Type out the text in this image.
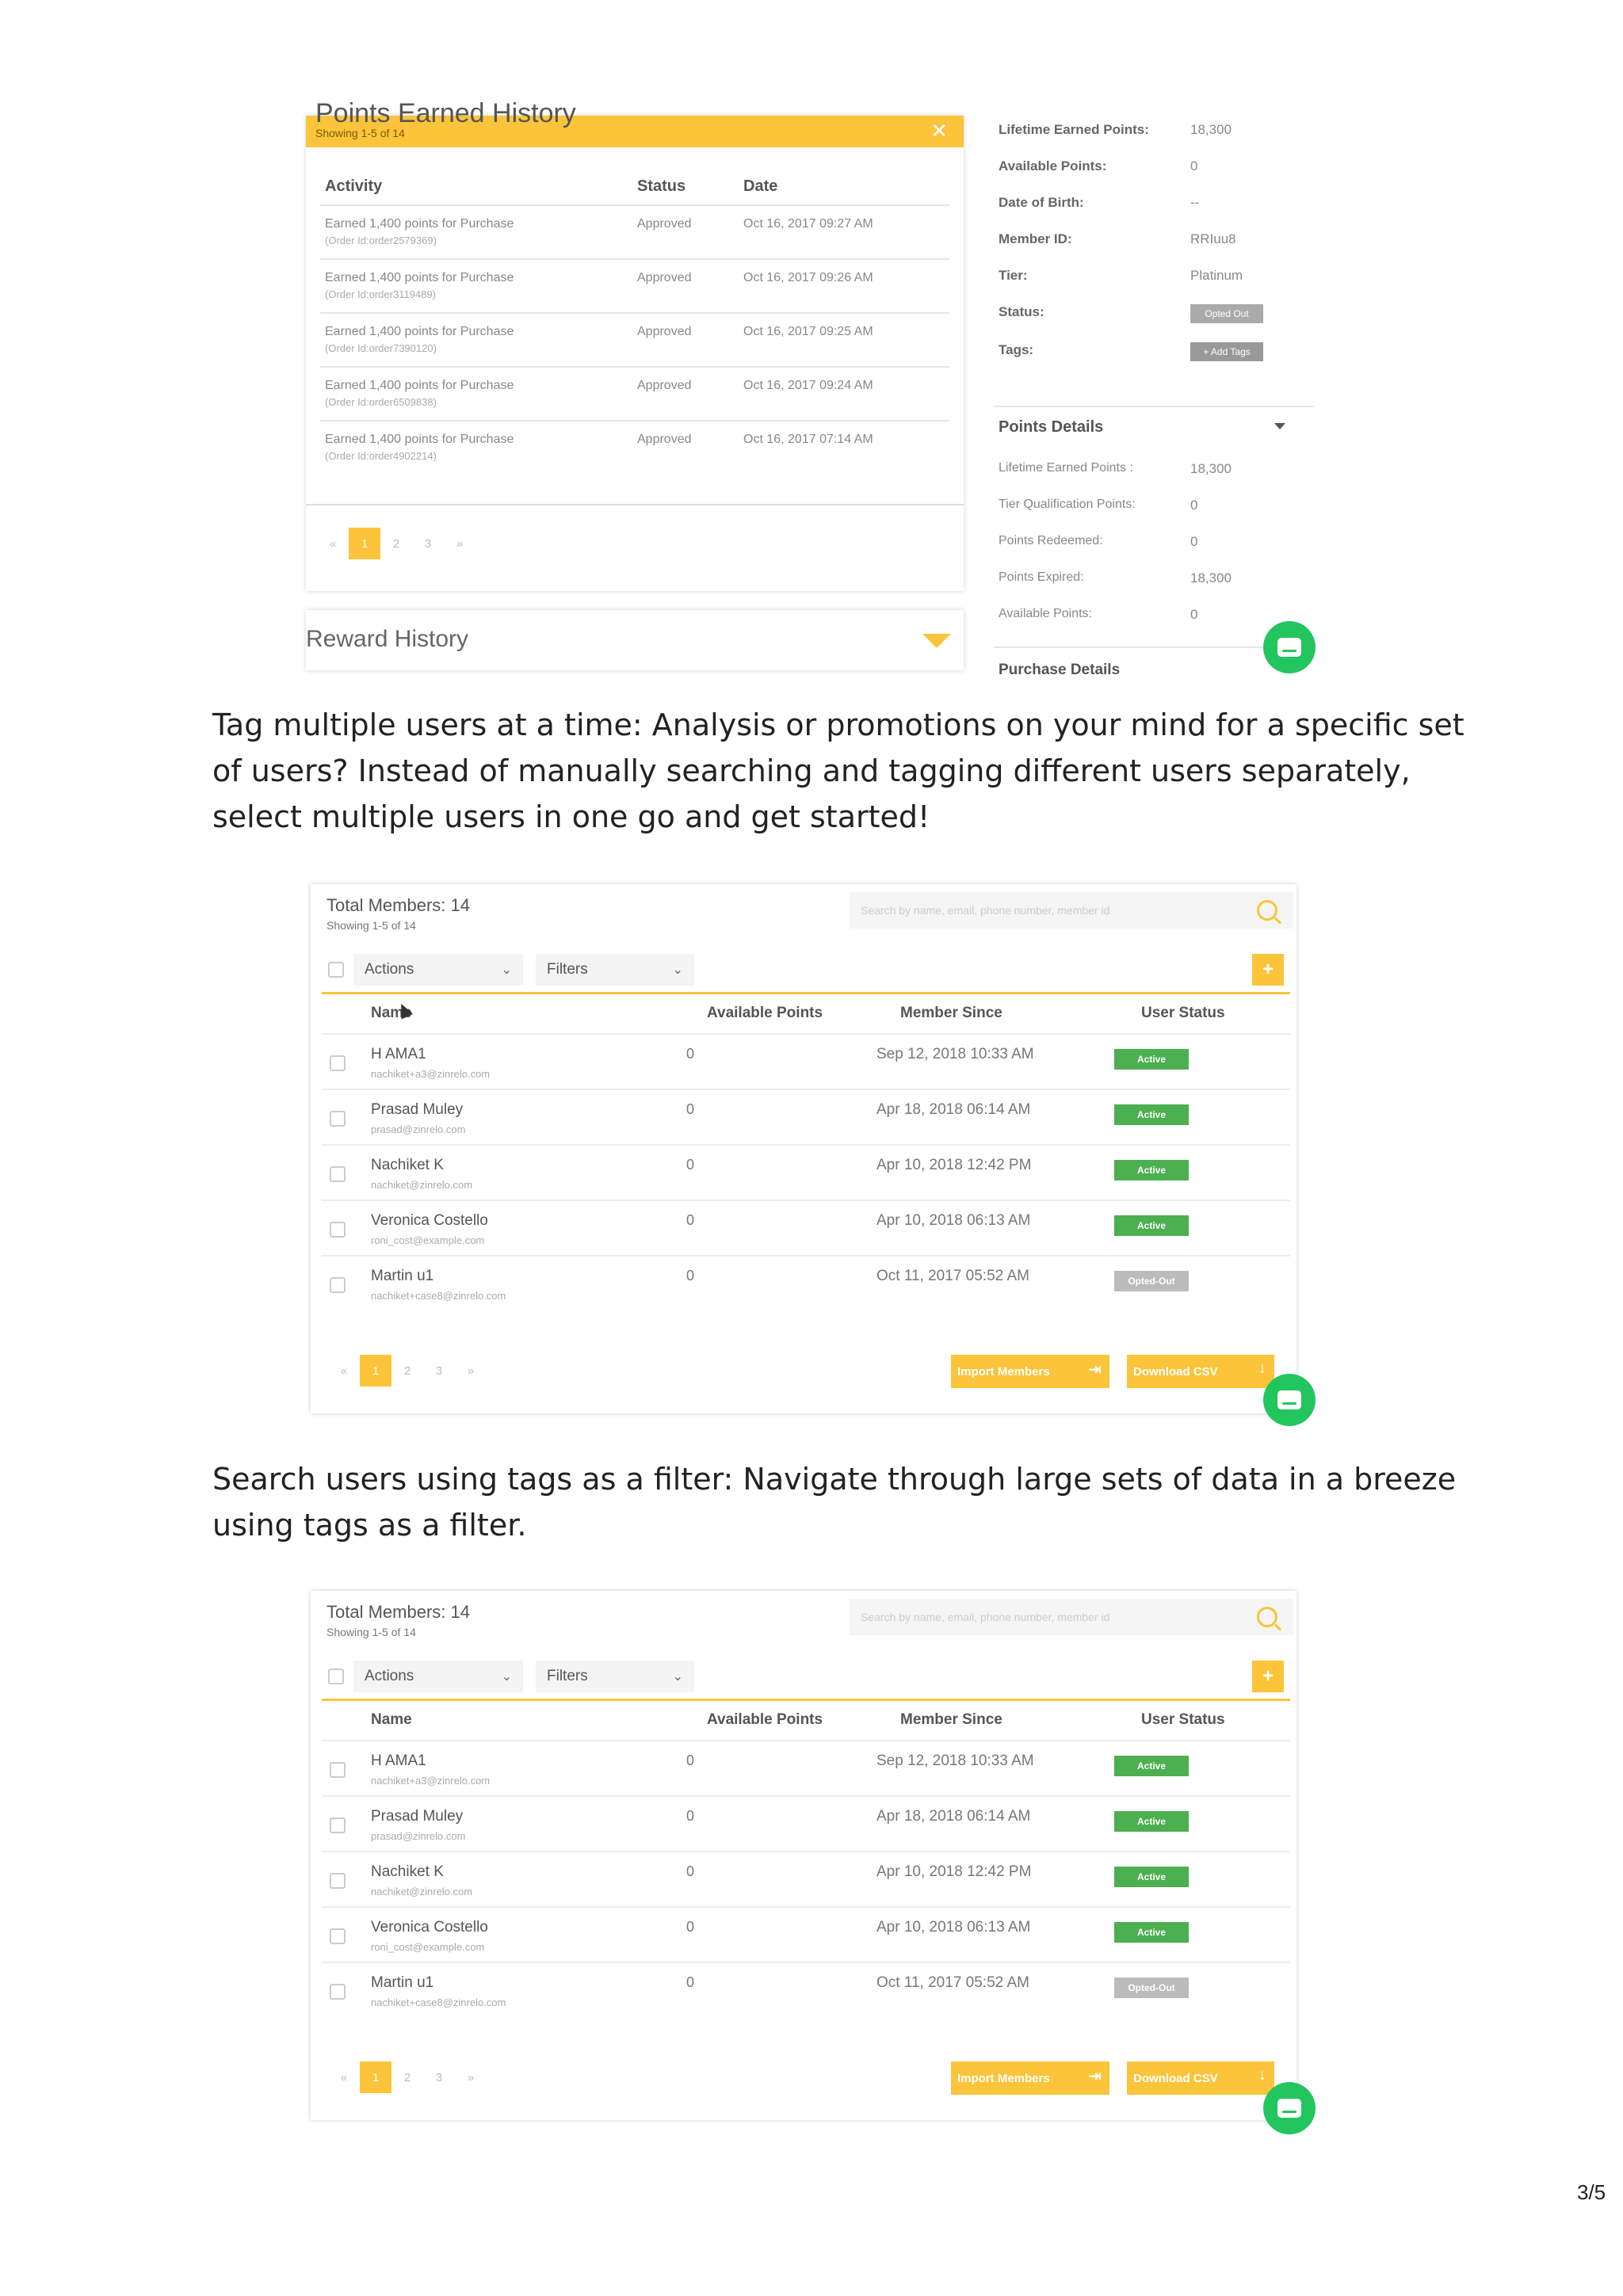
Points Earned History
Showing 1-5 of 14	✕
Activity	Status	Date
Earned 1,400 points for Purchase
(Order Id:order2579369)
Approved	Oct 16, 2017 09:27 AM
Earned 1,400 points for Purchase
(Order Id:order3119489)
Approved	Oct 16, 2017 09:26 AM
Earned 1,400 points for Purchase
(Order Id:order7390120)
Approved	Oct 16, 2017 09:25 AM
Earned 1,400 points for Purchase
(Order Id:order6509838)
Approved	Oct 16, 2017 09:24 AM
Earned 1,400 points for Purchase
(Order Id:order4902214)
Approved	Oct 16, 2017 07:14 AM
«	1	2	3	»
Reward History
Lifetime Earned Points:	18,300
Available Points:	0
Date of Birth:	--
Member ID:	RRIuu8
Tier:	Platinum
Status:	Opted Out
Tags:	+ Add Tags
Points Details
Lifetime Earned Points :	18,300
Tier Qualification Points:	0
Points Redeemed:	0
Points Expired:	18,300
Available Points:	0
Purchase Details

Tag multiple users at a time: Analysis or promotions on your mind for a specific set of users? Instead of manually searching and tagging different users separately, select multiple users in one go and get started!

Search users using tags as a filter: Navigate through large sets of data in a breeze using tags as a filter.

Total Members: 14
Showing 1-5 of 14
Search by name, email, phone number, member id
Actions	⌄ Filters	⌄	+
Name	Available Points	Member Since	User Status
H AMA1
nachiket+a3@zinrelo.com
0	Sep 12, 2018 10:33 AM	Active
Prasad Muley
prasad@zinrelo.com
0	Apr 18, 2018 06:14 AM	Active
Nachiket K
nachiket@zinrelo.com
0	Apr 10, 2018 12:42 PM	Active
Veronica Costello
roni_cost@example.com
0	Apr 10, 2018 06:13 AM	Active
Martin u1
nachiket+case8@zinrelo.com
0	Oct 11, 2017 05:52 AM	Opted-Out
«	1	2	3	»	Import Members ⇥	Download CSV	↓
Total Members: 14
Showing 1-5 of 14
Search by name, email, phone number, member id
Actions	⌄ Filters	⌄	+
Name	Available Points	Member Since	User Status
H AMA1
nachiket+a3@zinrelo.com
0	Sep 12, 2018 10:33 AM	Active
Prasad Muley
prasad@zinrelo.com
0	Apr 18, 2018 06:14 AM	Active
Nachiket K
nachiket@zinrelo.com
0	Apr 10, 2018 12:42 PM	Active
Veronica Costello
roni_cost@example.com
0	Apr 10, 2018 06:13 AM	Active
Martin u1
nachiket+case8@zinrelo.com
0	Oct 11, 2017 05:52 AM	Opted-Out
«	1	2	3	»	Import Members ⇥	Download CSV	↓
3/5
